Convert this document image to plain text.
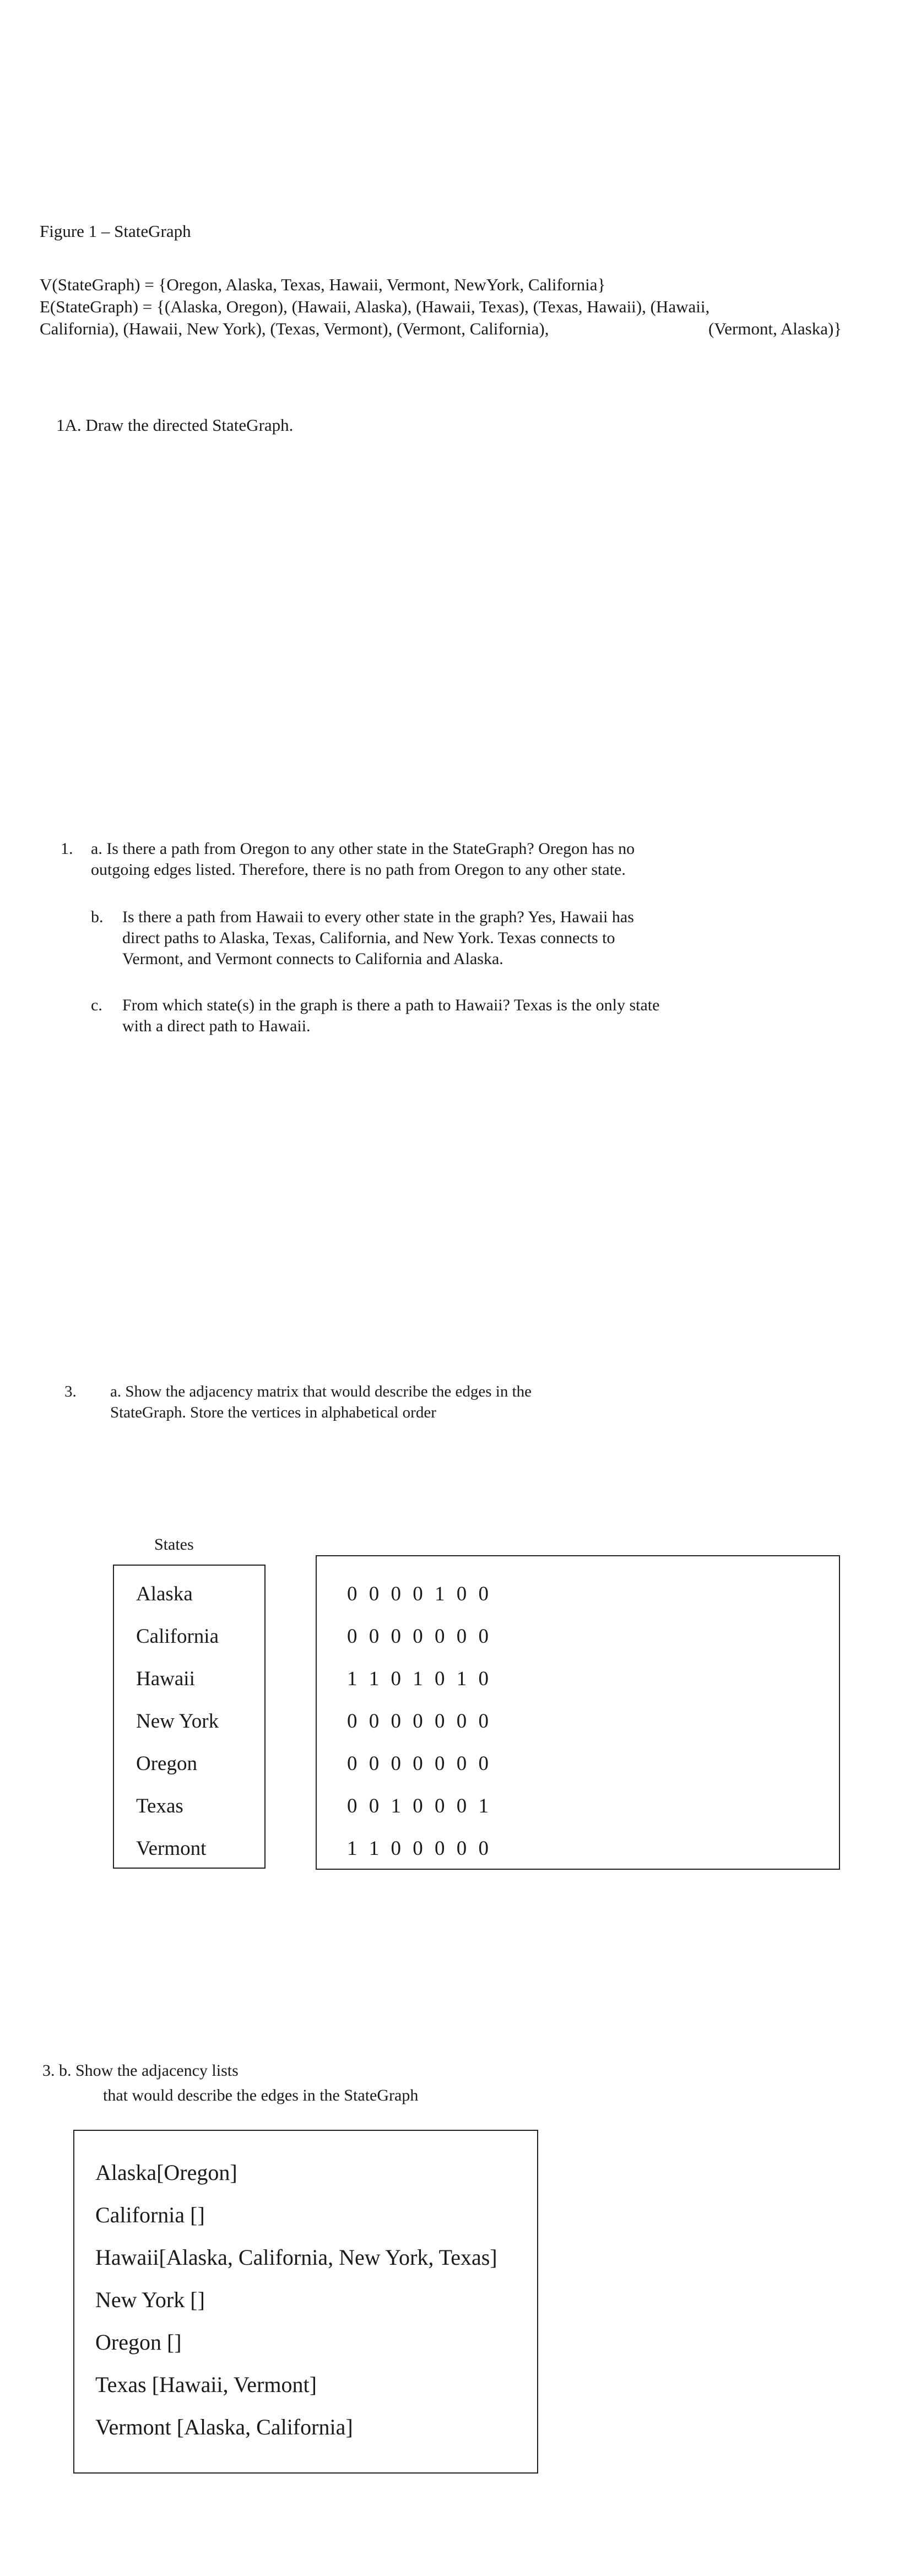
Figure 1 – StateGraph
V(StateGraph) = {Oregon, Alaska, Texas, Hawaii, Vermont, NewYork, California}
E(StateGraph) = {(Alaska, Oregon), (Hawaii, Alaska), (Hawaii, Texas), (Texas, Hawaii), (Hawaii,
California), (Hawaii, New York), (Texas, Vermont), (Vermont, California),	(Vermont, Alaska)}
1A. Draw the directed StateGraph.
1. a. Is there a path from Oregon to any other state in the StateGraph? Oregon has no
outgoing edges listed. Therefore, there is no path from Oregon to any other state.
b. Is there a path from Hawaii to every other state in the graph? Yes, Hawaii has
direct paths to Alaska, Texas, California, and New York. Texas connects to
Vermont, and Vermont connects to California and Alaska.
c. From which state(s) in the graph is there a path to Hawaii? Texas is the only state
with a direct path to Hawaii.
3. a. Show the adjacency matrix that would describe the edges in the
StateGraph. Store the vertices in alphabetical order
States
Alaska
California
Hawaii
New York
Oregon
Texas
Vermont
0 0 0 0 1 0 0
0 0 0 0 0 0 0
1 1 0 1 0 1 0
0 0 0 0 0 0 0
0 0 0 0 0 0 0
0 0 1 0 0 0 1
1 1 0 0 0 0 0
3. b. Show the adjacency lists
that would describe the edges in the StateGraph
Alaska[Oregon]
California []
Hawaii[Alaska, California, New York, Texas]
New York []
Oregon []
Texas [Hawaii, Vermont]
Vermont [Alaska, California]
